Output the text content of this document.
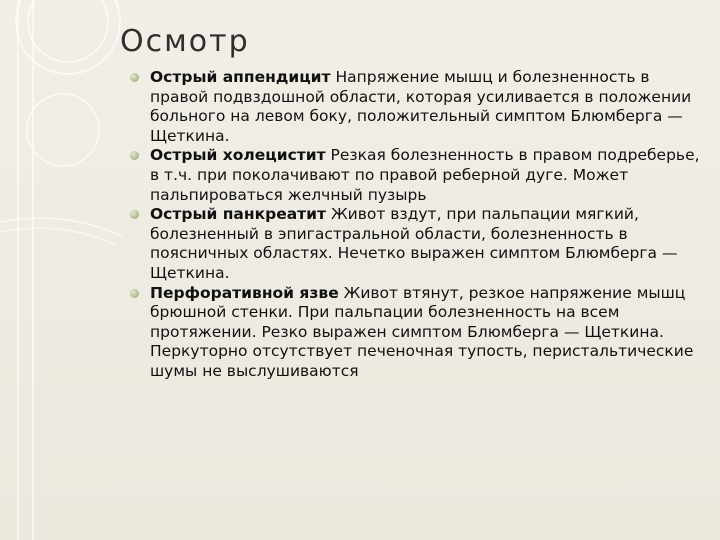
Осмотр
Острый аппендицит Напряжение мышц и болезненность в правой подвздошной области, которая усиливается в положении больного на левом боку, положительный симптом Блюмберга — Щеткина.
Острый холецистит Резкая болезненность в правом подреберье, в т.ч. при поколачивают по правой реберной дуге. Может пальпироваться желчный пузырь
Острый панкреатит Живот вздут, при пальпации мягкий, болезненный в эпигастральной области, болезненность в поясничных областях. Нечетко выражен симптом Блюмберга — Щеткина.
Перфоративной язве Живот втянут, резкое напряжение мышц брюшной стенки. При пальпации болезненность на всем протяжении. Резко выражен симптом Блюмберга — Щеткина. Перкуторно отсутствует печеночная тупость, перистальтические шумы не выслушиваются
